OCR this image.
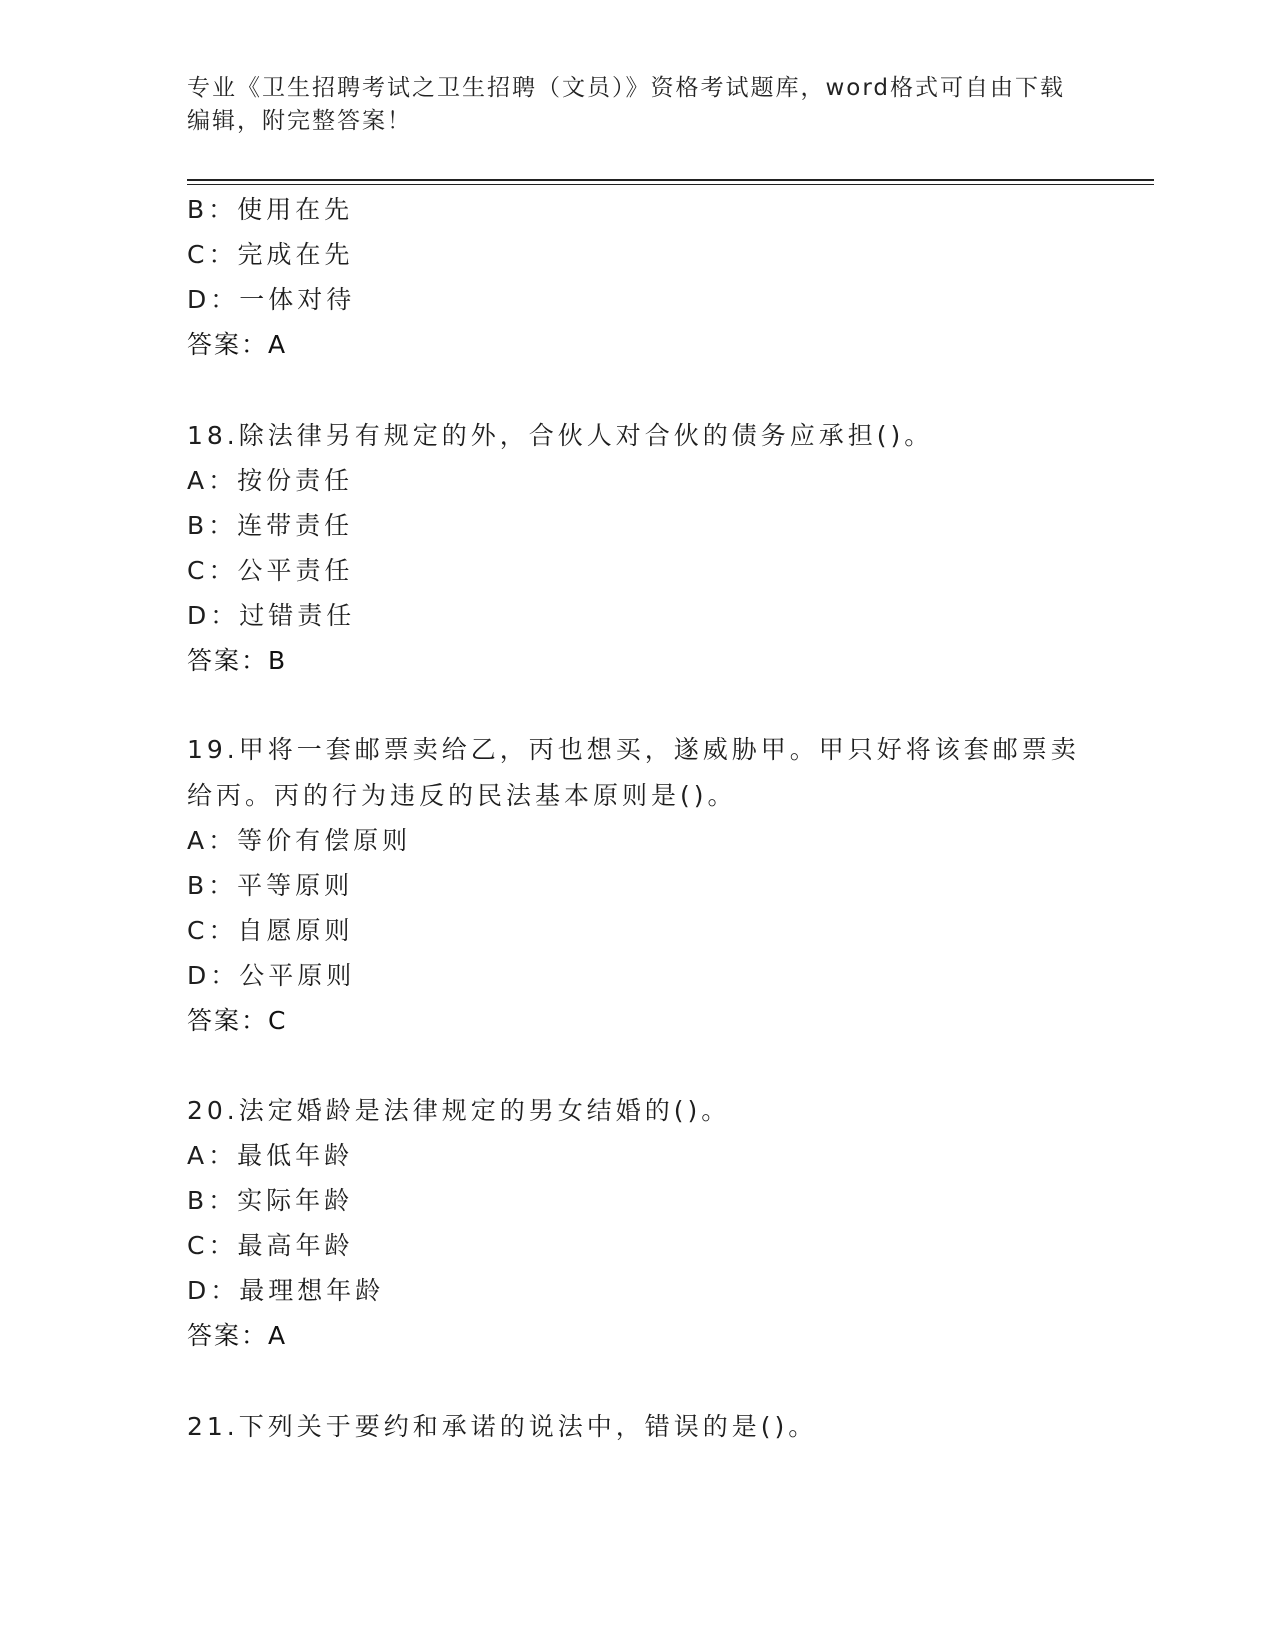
专业《卫生招聘考试之卫生招聘（文员）》资格考试题库，word格式可自由下载
编辑，附完整答案！
B：使用在先
C：完成在先
D：一体对待
答案：A
18.除法律另有规定的外，合伙人对合伙的债务应承担()。
A：按份责任
B：连带责任
C：公平责任
D：过错责任
答案：B
19.甲将一套邮票卖给乙，丙也想买，遂威胁甲。甲只好将该套邮票卖
给丙。丙的行为违反的民法基本原则是()。
A：等价有偿原则
B：平等原则
C：自愿原则
D：公平原则
答案：C
20.法定婚龄是法律规定的男女结婚的()。
A：最低年龄
B：实际年龄
C：最高年龄
D：最理想年龄
答案：A
21.下列关于要约和承诺的说法中，错误的是()。
